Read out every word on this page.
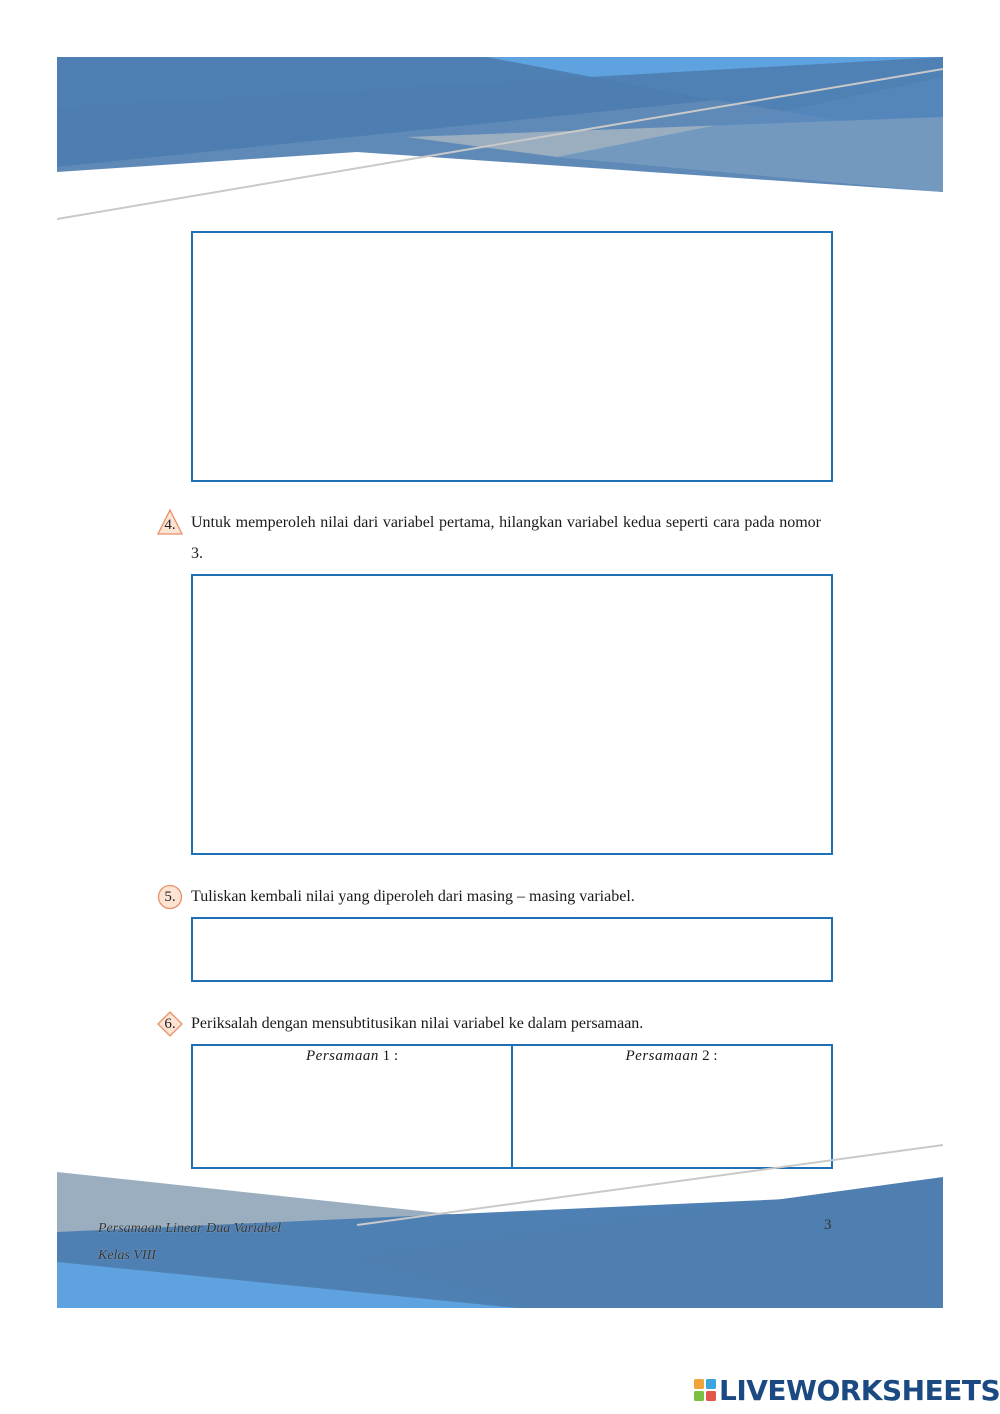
4. Untuk memperoleh nilai dari variabel pertama, hilangkan variabel kedua seperti cara pada nomor 3.
5. Tuliskan kembali nilai yang diperoleh dari masing – masing variabel.
6. Periksalah dengan mensubtitusikan nilai variabel ke dalam persamaan.
Persamaan 1 :	Persamaan 2 :
Persamaan Linear Dua Variabel
Kelas VIII
3
LIVEWORKSHEETS
